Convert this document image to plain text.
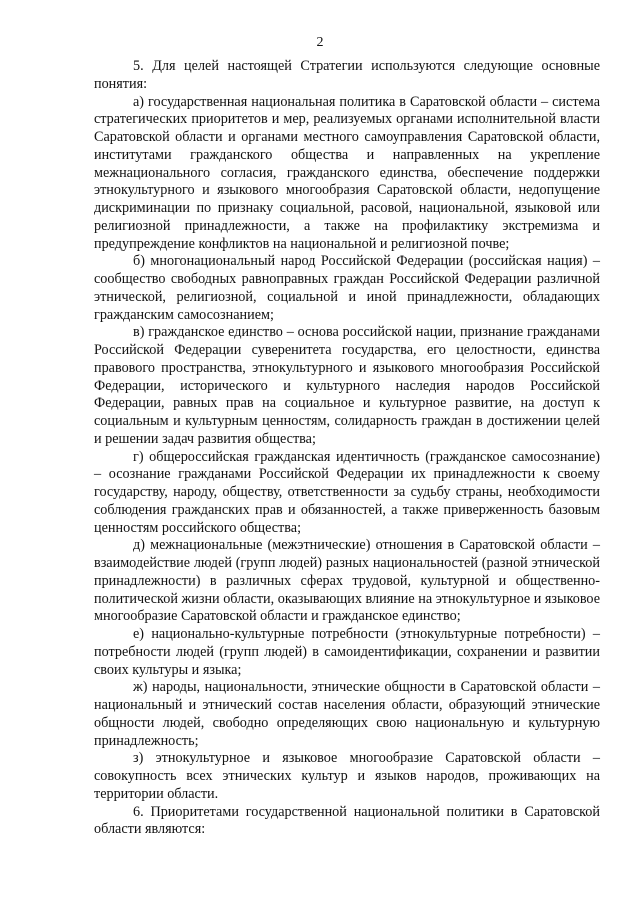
2

5. Для целей настоящей Стратегии используются следующие основные понятия:

а) государственная национальная политика в Саратовской области – система стратегических приоритетов и мер, реализуемых органами исполнительной власти Саратовской области и органами местного самоуправления Саратовской области, институтами гражданского общества и направленных на укрепление межнационального согласия, гражданского единства, обеспечение поддержки этнокультурного и языкового многообразия Саратовской области, недопущение дискриминации по признаку социальной, расовой, национальной, языковой или религиозной принадлежности, а также на профилактику экстремизма и предупреждение конфликтов на национальной и религиозной почве;

б) многонациональный народ Российской Федерации (российская нация) – сообщество свободных равноправных граждан Российской Федерации различной этнической, религиозной, социальной и иной принадлежности, обладающих гражданским самосознанием;

в) гражданское единство – основа российской нации, признание гражданами Российской Федерации суверенитета государства, его целостности, единства правового пространства, этнокультурного и языкового многообразия Российской Федерации, исторического и культурного наследия народов Российской Федерации, равных прав на социальное и культурное развитие, на доступ к социальным и культурным ценностям, солидарность граждан в достижении целей и решении задач развития общества;

г) общероссийская гражданская идентичность (гражданское самосознание) – осознание гражданами Российской Федерации их принадлежности к своему государству, народу, обществу, ответственности за судьбу страны, необходимости соблюдения гражданских прав и обязанностей, а также приверженность базовым ценностям российского общества;

д) межнациональные (межэтнические) отношения в Саратовской области – взаимодействие людей (групп людей) разных национальностей (разной этнической принадлежности) в различных сферах трудовой, культурной и общественно-политической жизни области, оказывающих влияние на этнокультурное и языковое многообразие Саратовской области и гражданское единство;

е) национально-культурные потребности (этнокультурные потребности) – потребности людей (групп людей) в самоидентификации, сохранении и развитии своих культуры и языка;

ж) народы, национальности, этнические общности в Саратовской области – национальный и этнический состав населения области, образующий этнические общности людей, свободно определяющих свою национальную и культурную принадлежность;

з) этнокультурное и языковое многообразие Саратовской области – совокупность всех этнических культур и языков народов, проживающих на территории области.

6. Приоритетами государственной национальной политики в Саратовской области являются:
